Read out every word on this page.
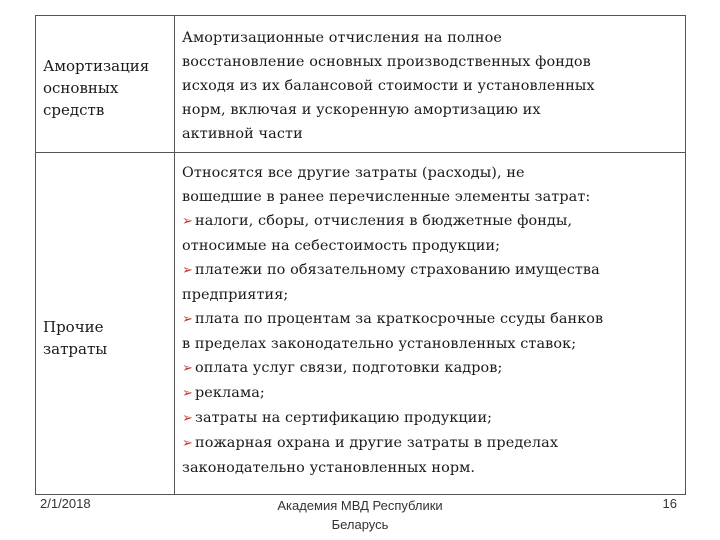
Амортизация
основных
средств
Амортизационные отчисления на полное
восстановление основных производственных фондов
исходя из их балансовой стоимости и установленных
норм, включая и ускоренную амортизацию их
активной части
Прочие
затраты
Относятся все другие затраты (расходы), не
вошедшие в ранее перечисленные элементы затрат:
➢ налоги, сборы, отчисления в бюджетные фонды,
относимые на себестоимость продукции;
➢ платежи по обязательному страхованию имущества
предприятия;
➢ плата по процентам за краткосрочные ссуды банков
в пределах законодательно установленных ставок;
➢ оплата услуг связи, подготовки кадров;
➢ реклама;
➢ затраты на сертификацию продукции;
➢ пожарная охрана и другие затраты в пределах
законодательно установленных норм.
2/1/2018	Академия МВД Республики
Беларусь
16
